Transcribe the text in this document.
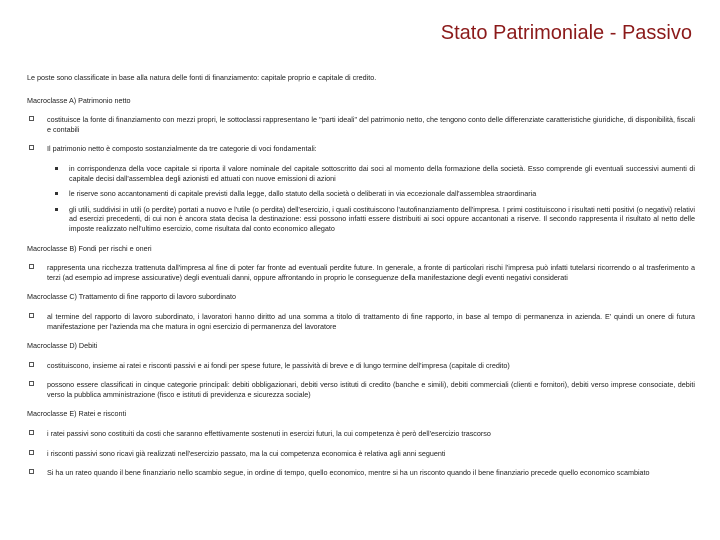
Stato Patrimoniale - Passivo

Le poste sono classificate in base alla natura delle fonti di finanziamento: capitale proprio e capitale di credito.

Macroclasse A) Patrimonio netto

costituisce la fonte di finanziamento con mezzi propri, le sottoclassi rappresentano le "parti ideali" del patrimonio netto, che tengono conto delle differenziate caratteristiche giuridiche, di disponibilità, fiscali e contabili
Il patrimonio netto è composto sostanzialmente da tre categorie di voci fondamentali:
in corrispondenza della voce capitale si riporta il valore nominale del capitale sottoscritto dai soci al momento della formazione della società. Esso comprende gli eventuali successivi aumenti di capitale decisi dall'assemblea degli azionisti ed attuati con nuove emissioni di azioni
le riserve sono accantonamenti di capitale previsti dalla legge, dallo statuto della società o deliberati in via eccezionale dall'assemblea straordinaria
gli utili, suddivisi in utili (o perdite) portati a nuovo e l'utile (o perdita) dell'esercizio, i quali costituiscono l'autofinanziamento dell'impresa. I primi costituiscono i risultati netti positivi (o negativi) relativi ad esercizi precedenti, di cui non è ancora stata decisa la destinazione: essi possono infatti essere distribuiti ai soci oppure accantonati a riserve. Il secondo rappresenta il risultato al netto delle imposte realizzato nell'ultimo esercizio, come risultata dal conto economico allegato

Macroclasse B) Fondi per rischi e oneri

rappresenta una ricchezza trattenuta dall'impresa al fine di poter far fronte ad eventuali perdite future. In generale, a fronte di particolari rischi l'impresa può infatti tutelarsi ricorrendo o al trasferimento a terzi (ad esempio ad imprese assicurative) degli eventuali danni, oppure affrontando in proprio le conseguenze della manifestazione degli eventi negativi considerati

Macroclasse C) Trattamento di fine rapporto di lavoro subordinato

al termine del rapporto di lavoro subordinato, i lavoratori hanno diritto ad una somma a titolo di trattamento di fine rapporto, in base al tempo di permanenza in azienda. E' quindi un onere di futura manifestazione per l'azienda ma che matura in ogni esercizio di permanenza del lavoratore

Macroclasse D) Debiti

costituiscono, insieme ai ratei e risconti passivi e ai fondi per spese future, le passività di breve e di lungo termine dell'impresa (capitale di credito)
possono essere classificati in cinque categorie principali: debiti obbligazionari, debiti verso istituti di credito (banche e simili), debiti commerciali (clienti e fornitori), debiti verso imprese consociate, debiti verso la pubblica amministrazione (fisco e istituti di previdenza e sicurezza sociale)

Macroclasse E) Ratei e risconti

i ratei passivi sono costituiti da costi che saranno effettivamente sostenuti in esercizi futuri, la cui competenza è però dell'esercizio trascorso
i risconti passivi sono ricavi già realizzati nell'esercizio passato, ma la cui competenza economica è relativa agli anni seguenti
Si ha un rateo quando il bene finanziario nello scambio segue, in ordine di tempo, quello economico, mentre si ha un risconto quando il bene finanziario precede quello economico scambiato
